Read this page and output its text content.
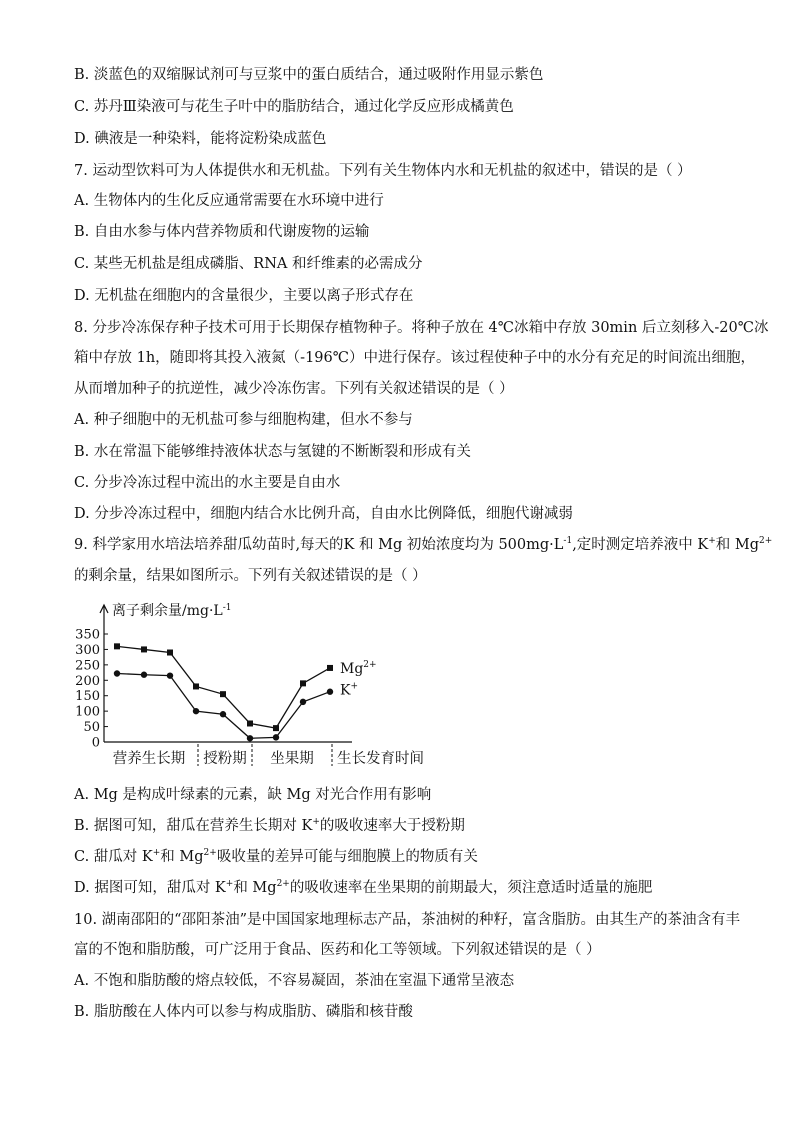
B. 淡蓝色的双缩脲试剂可与豆浆中的蛋白质结合，通过吸附作用显示紫色
C. 苏丹Ⅲ染液可与花生子叶中的脂肪结合，通过化学反应形成橘黄色
D. 碘液是一种染料，能将淀粉染成蓝色
7. 运动型饮料可为人体提供水和无机盐。下列有关生物体内水和无机盐的叙述中，错误的是（ ）
A. 生物体内的生化反应通常需要在水环境中进行
B. 自由水参与体内营养物质和代谢废物的运输
C. 某些无机盐是组成磷脂、RNA 和纤维素的必需成分
D. 无机盐在细胞内的含量很少，主要以离子形式存在
8. 分步冷冻保存种子技术可用于长期保存植物种子。将种子放在 4℃冰箱中存放 30min 后立刻移入-20℃冰
箱中存放 1h，随即将其投入液氮（-196℃）中进行保存。该过程使种子中的水分有充足的时间流出细胞，
从而增加种子的抗逆性，减少冷冻伤害。下列有关叙述错误的是（ ）
A. 种子细胞中的无机盐可参与细胞构建，但水不参与
B. 水在常温下能够维持液体状态与氢键的不断断裂和形成有关
C. 分步冷冻过程中流出的水主要是自由水
D. 分步冷冻过程中，细胞内结合水比例升高，自由水比例降低，细胞代谢减弱
9. 科学家用水培法培养甜瓜幼苗时,每天的K 和 Mg 初始浓度均为 $500mg\cdot L^{-1}$,定时测定培养液中 K+和 $Mg^{2+}$
的剩余量，结果如图所示。下列有关叙述错误的是（ ）
350
300
250
200
150
100
50
0
营养生长期 授粉期 坐果期 生长发育时间
离子剩余量$/mg\cdot L^{-1}$
$Mg^{2+}$
K+
A. Mg 是构成叶绿素的元素，缺 Mg 对光合作用有影响
B. 据图可知，甜瓜在营养生长期对 K+的吸收速率大于授粉期
C. 甜瓜对 K+和 $Mg^{2+}$吸收量的差异可能与细胞膜上的物质有关
D. 据图可知，甜瓜对 K+和 $Mg^{2+}$的吸收速率在坐果期的前期最大，须注意适时适量的施肥
10. 湖南邵阳的“邵阳茶油”是中国国家地理标志产品，茶油树的种籽，富含脂肪。由其生产的茶油含有丰
富的不饱和脂肪酸，可广泛用于食品、医药和化工等领域。下列叙述错误的是（ ）
A. 不饱和脂肪酸的熔点较低，不容易凝固，茶油在室温下通常呈液态
B. 脂肪酸在人体内可以参与构成脂肪、磷脂和核苷酸
